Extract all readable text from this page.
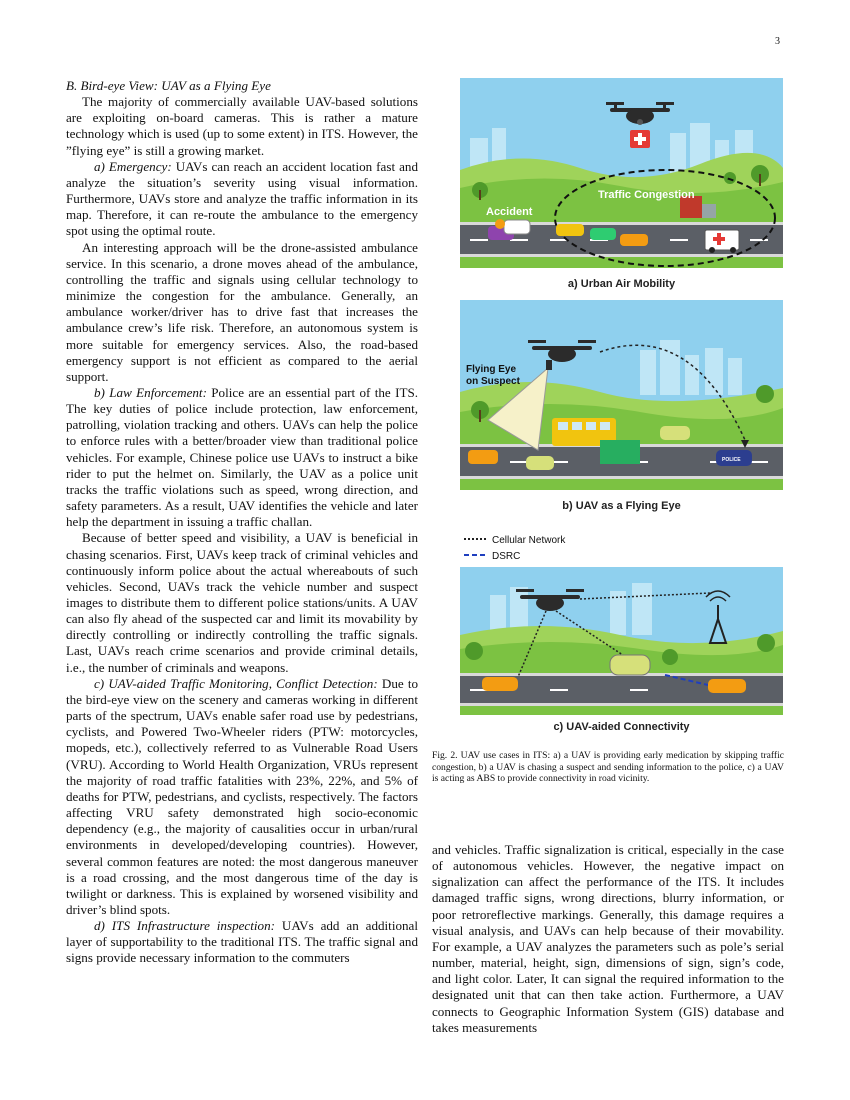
3

B. Bird-eye View: UAV as a Flying Eye

The majority of commercially available UAV-based solutions are exploiting on-board cameras. This is rather a mature technology which is used (up to some extent) in ITS. However, the ”flying eye” is still a growing market.

a) Emergency: UAVs can reach an accident location fast and analyze the situation’s severity using visual information. Furthermore, UAVs store and analyze the traffic information in its map. Therefore, it can re-route the ambulance to the emergency spot using the optimal route.

An interesting approach will be the drone-assisted ambulance service. In this scenario, a drone moves ahead of the ambulance, controlling the traffic and signals using cellular technology to minimize the congestion for the ambulance. Generally, an ambulance worker/driver has to drive fast that increases the ambulance crew’s life risk. Therefore, an autonomous system is more suitable for emergency services. Also, the road-based emergency support is not efficient as compared to the aerial support.

b) Law Enforcement: Police are an essential part of the ITS. The key duties of police include protection, law enforcement, patrolling, violation tracking and others. UAVs can help the police to enforce rules with a better/broader view than traditional police vehicles. For example, Chinese police use UAVs to instruct a bike rider to put the helmet on. Similarly, the UAV as a police unit tracks the traffic violations such as speed, wrong direction, and safety parameters. As a result, UAV identifies the vehicle and later help the department in issuing a traffic challan.

Because of better speed and visibility, a UAV is beneficial in chasing scenarios. First, UAVs keep track of criminal vehicles and continuously inform police about the actual whereabouts of such vehicles. Second, UAVs track the vehicle number and suspect images to distribute them to different police stations/units. A UAV can also fly ahead of the suspected car and limit its movability by directly controlling or indirectly controlling the traffic signals. Last, UAVs reach crime scenarios and provide criminal details, i.e., the number of criminals and weapons.

c) UAV-aided Traffic Monitoring, Conflict Detection: Due to the bird-eye view on the scenery and cameras working in different parts of the spectrum, UAVs enable safer road use by pedestrians, cyclists, and Powered Two-Wheeler riders (PTW: motorcycles, mopeds, etc.), collectively referred to as Vulnerable Road Users (VRU). According to World Health Organization, VRUs represent the majority of road traffic fatalities with 23%, 22%, and 5% of deaths for PTW, pedestrians, and cyclists, respectively. The factors affecting VRU safety demonstrated high socio-economic dependency (e.g., the majority of causalities occur in urban/rural environments in developed/developing countries). However, several common features are noted: the most dangerous maneuver is a road crossing, and the most dangerous time of the day is twilight or darkness. This is explained by worsened visibility and driver’s blind spots.

d) ITS Infrastructure inspection: UAVs add an additional layer of supportability to the traditional ITS. The traffic signal and signs provide necessary information to the commuters

Accident
Traffic Congestion
a) Urban Air Mobility
POLICE
Flying Eye
on Suspect
b) UAV as a Flying Eye
Cellular Network
DSRC
c) UAV-aided Connectivity
Fig. 2. UAV use cases in ITS: a) a UAV is providing early medication by skipping traffic congestion, b) a UAV is chasing a suspect and sending information to the police, c) a UAV is acting as ABS to provide connectivity in road vicinity.

and vehicles. Traffic signalization is critical, especially in the case of autonomous vehicles. However, the negative impact on signalization can affect the performance of the ITS. It includes damaged traffic signs, wrong directions, blurry information, or poor retroreflective markings. Generally, this damage requires a visual analysis, and UAVs can help because of their movability. For example, a UAV analyzes the parameters such as pole’s serial number, material, height, sign, dimensions of sign, sign’s code, and light color. Later, It can signal the required information to the designated unit that can then take action. Furthermore, a UAV connects to Geographic Information System (GIS) database and takes measurements
